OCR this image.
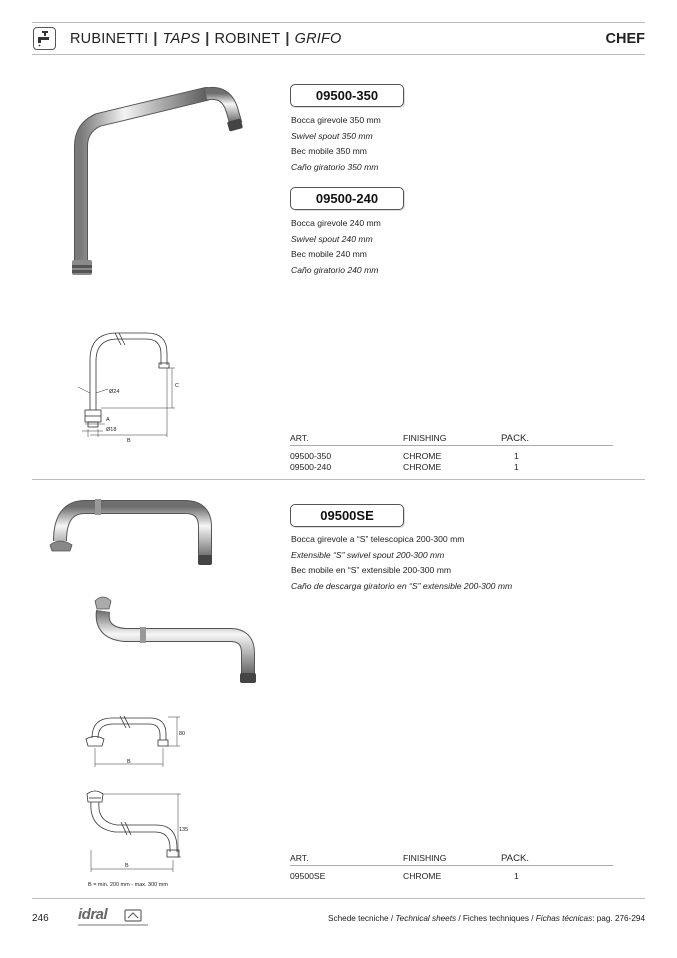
RUBINETTI | TAPS | ROBINET | GRIFO	CHEF
09500-350
Bocca girevole 350 mm
Swivel spout 350 mm
Bec mobile 350 mm
Caño giratorio 350 mm
09500-240
Bocca girevole 240 mm
Swivel spout 240 mm
Bec mobile 240 mm
Caño giratorio 240 mm
C
Ø24
A
Ø18
B	ART.	FINISHING	PACK.
09500-350	CHROME	1
09500-240	CHROME	1
09500SE
Bocca girevole a “S” telescopica 200-300 mm
Extensible “S” swivel spout 200-300 mm
Bec mobile en “S” extensible 200-300 mm
Caño de descarga giratorio en “S” extensible 200-300 mm
80
B
135
B
B = min. 200 mm - max. 300 mm
ART.	FINISHING	PACK.
09500SE	CHROME	1
246 idral	Schede tecniche / Technical sheets / Fiches techniques / Fichas técnicas: pag. 276-294
